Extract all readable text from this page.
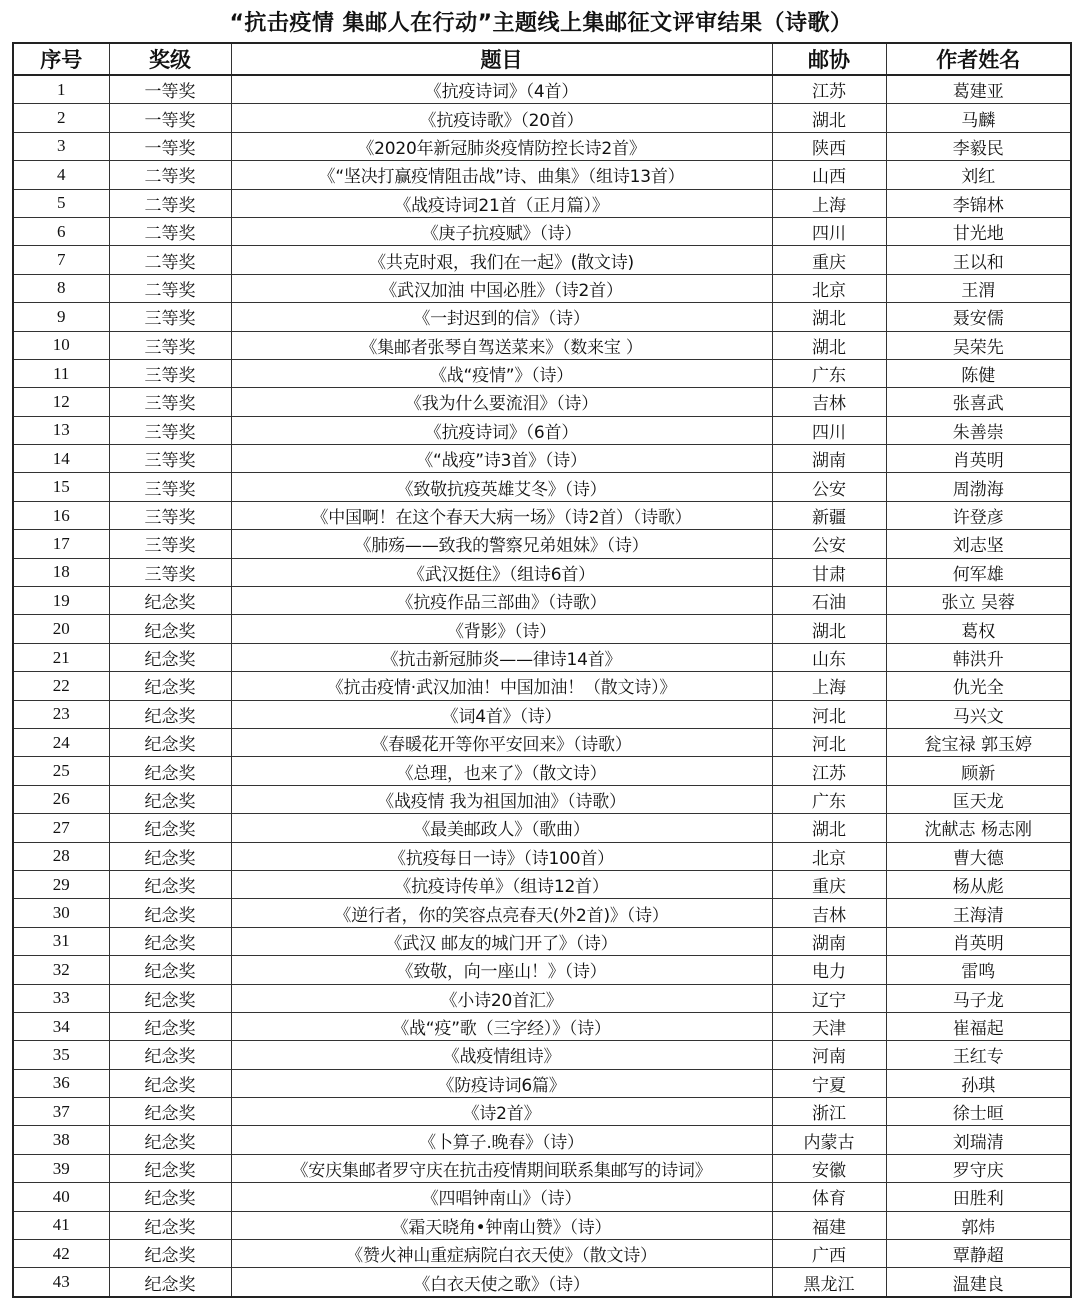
“抗击疫情 集邮人在行动”主题线上集邮征文评审结果（诗歌）
序号	奖级	题目	邮协	作者姓名
1	一等奖	《抗疫诗词》（4首）	江苏	葛建亚
2	一等奖	《抗疫诗歌》（20首）	湖北	马麟
3	一等奖	《2020年新冠肺炎疫情防控长诗2首》	陕西	李毅民
4	二等奖	《“坚决打赢疫情阻击战”诗、曲集》（组诗13首）	山西	刘红
5	二等奖	《战疫诗词21首（正月篇）》	上海	李锦林
6	二等奖	《庚子抗疫赋》（诗）	四川	甘光地
7	二等奖	《共克时艰，我们在一起》(散文诗)	重庆	王以和
8	二等奖	《武汉加油 中国必胜》（诗2首）	北京	王渭
9	三等奖	《一封迟到的信》（诗）	湖北	聂安儒
10	三等奖	《集邮者张琴自驾送菜来》（数来宝 ）	湖北	吴荣先
11	三等奖	《战“疫情”》（诗）	广东	陈健
12	三等奖	《我为什么要流泪》（诗）	吉林	张喜武
13	三等奖	《抗疫诗词》（6首）	四川	朱善崇
14	三等奖	《“战疫”诗3首》（诗）	湖南	肖英明
15	三等奖	《致敬抗疫英雄艾冬》（诗）	公安	周渤海
16	三等奖	《中国啊！在这个春天大病一场》（诗2首）（诗歌）	新疆	许登彦
17	三等奖	《肺殇——致我的警察兄弟姐妹》（诗）	公安	刘志坚
18	三等奖	《武汉挺住》（组诗6首）	甘肃	何军雄
19	纪念奖	《抗疫作品三部曲》（诗歌）	石油	张立 吴蓉
20	纪念奖	《背影》（诗）	湖北	葛权
21	纪念奖	《抗击新冠肺炎——律诗14首》	山东	韩洪升
22	纪念奖	《抗击疫情·武汉加油！中国加油！（散文诗）》	上海	仇光全
23	纪念奖	《词4首》（诗）	河北	马兴文
24	纪念奖	《春暖花开等你平安回来》（诗歌）	河北	瓮宝禄 郭玉婷
25	纪念奖	《总理，也来了》（散文诗）	江苏	顾新
26	纪念奖	《战疫情 我为祖国加油》（诗歌）	广东	匡天龙
27	纪念奖	《最美邮政人》（歌曲）	湖北	沈献志 杨志刚
28	纪念奖	《抗疫每日一诗》（诗100首）	北京	曹大德
29	纪念奖	《抗疫诗传单》（组诗12首）	重庆	杨从彪
30	纪念奖	《逆行者，你的笑容点亮春天(外2首)》（诗）	吉林	王海清
31	纪念奖	《武汉 邮友的城门开了》（诗）	湖南	肖英明
32	纪念奖	《致敬，向一座山！》（诗）	电力	雷鸣
33	纪念奖	《小诗20首汇》	辽宁	马子龙
34	纪念奖	《战“疫”歌（三字经）》（诗）	天津	崔福起
35	纪念奖	《战疫情组诗》	河南	王红专
36	纪念奖	《防疫诗词6篇》	宁夏	孙琪
37	纪念奖	《诗2首》	浙江	徐士晅
38	纪念奖	《卜算子.晚春》（诗）	内蒙古	刘瑞清
39	纪念奖	《安庆集邮者罗守庆在抗击疫情期间联系集邮写的诗词》	安徽	罗守庆
40	纪念奖	《四唱钟南山》（诗）	体育	田胜利
41	纪念奖	《霜天晓角•钟南山赞》（诗）	福建	郭炜
42	纪念奖	《赞火神山重症病院白衣天使》（散文诗）	广西	覃静超
43	纪念奖	《白衣天使之歌》（诗）	黑龙江	温建良
